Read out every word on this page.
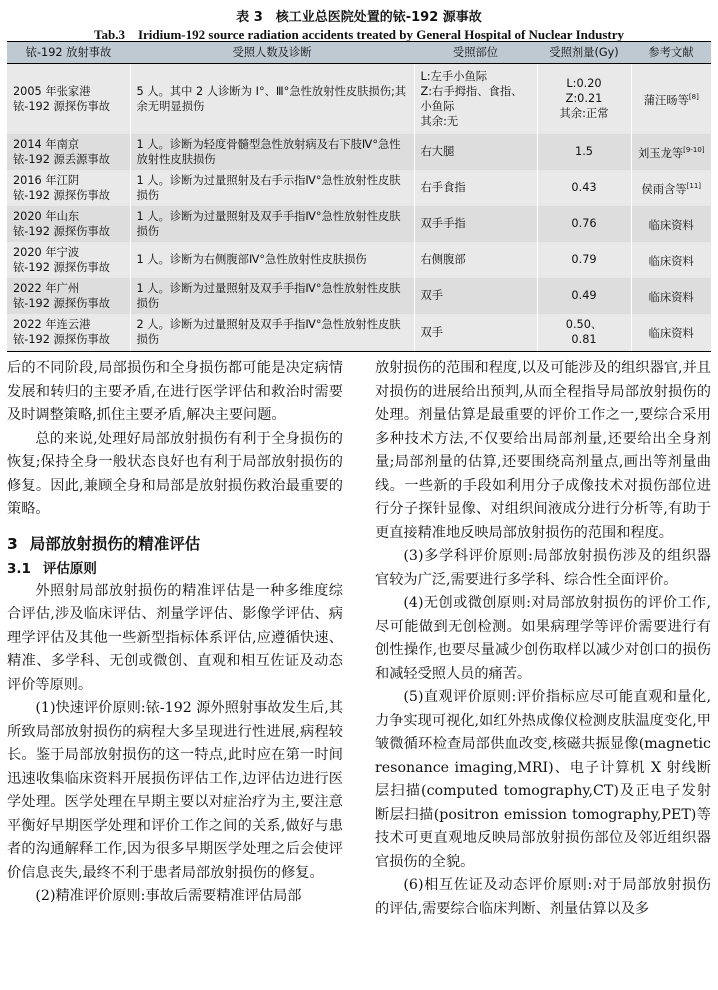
表 3　核工业总医院处置的铱-192 源事故
Tab.3　Iridium-192 source radiation accidents treated by General Hospital of Nuclear Industry
铱-192 放射事故	受照人数及诊断	受照部位	受照剂量(Gy)	参考文献
2005 年张家港
铱-192 源探伤事故	5 人。其中 2 人诊断为 Ⅰ°、Ⅲ°急性放射性皮肤损伤;其余无明显损伤	L:左手小鱼际
Z:右手拇指、食指、小鱼际
其余:无	L:0.20
Z:0.21
其余:正常	蒲汪旸等[8]
2014 年南京
铱-192 源丢源事故	1 人。诊断为轻度骨髓型急性放射病及右下肢Ⅳ°急性放射性皮肤损伤	右大腿	1.5	刘玉龙等[9-10]
2016 年江阴
铱-192 源探伤事故	1 人。诊断为过量照射及右手示指Ⅳ°急性放射性皮肤损伤	右手食指	0.43	侯雨含等[11]
2020 年山东
铱-192 源探伤事故	1 人。诊断为过量照射及双手手指Ⅳ°急性放射性皮肤损伤	双手手指	0.76	临床资料
2020 年宁波
铱-192 源探伤事故	1 人。诊断为右侧腹部Ⅳ°急性放射性皮肤损伤	右侧腹部	0.79	临床资料
2022 年广州
铱-192 源探伤事故	1 人。诊断为过量照射及双手手指Ⅳ°急性放射性皮肤损伤	双手	0.49	临床资料
2022 年连云港
铱-192 源探伤事故	2 人。诊断为过量照射及双手手指Ⅳ°急性放射性皮肤损伤	双手	0.50、
0.81	临床资料

后的不同阶段,局部损伤和全身损伤都可能是决定病情发展和转归的主要矛盾,在进行医学评估和救治时需要及时调整策略,抓住主要矛盾,解决主要问题。

总的来说,处理好局部放射损伤有利于全身损伤的恢复;保持全身一般状态良好也有利于局部放射损伤的修复。因此,兼顾全身和局部是放射损伤救治最重要的策略。

3 局部放射损伤的精准评估
3.1 评估原则

外照射局部放射损伤的精准评估是一种多维度综合评估,涉及临床评估、剂量学评估、影像学评估、病理学评估及其他一些新型指标体系评估,应遵循快速、精准、多学科、无创或微创、直观和相互佐证及动态评价等原则。

(1)快速评价原则:铱-192 源外照射事故发生后,其所致局部放射损伤的病程大多呈现进行性进展,病程较长。鉴于局部放射损伤的这一特点,此时应在第一时间迅速收集临床资料开展损伤评估工作,边评估边进行医学处理。医学处理在早期主要以对症治疗为主,要注意平衡好早期医学处理和评价工作之间的关系,做好与患者的沟通解释工作,因为很多早期医学处理之后会使评价信息丧失,最终不利于患者局部放射损伤的修复。

(2)精准评价原则:事故后需要精准评估局部

放射损伤的范围和程度,以及可能涉及的组织器官,并且对损伤的进展给出预判,从而全程指导局部放射损伤的处理。剂量估算是最重要的评价工作之一,要综合采用多种技术方法,不仅要给出局部剂量,还要给出全身剂量;局部剂量的估算,还要围绕高剂量点,画出等剂量曲线。一些新的手段如利用分子成像技术对损伤部位进行分子探针显像、对组织间液成分进行分析等,有助于更直接精准地反映局部放射损伤的范围和程度。

(3)多学科评价原则:局部放射损伤涉及的组织器官较为广泛,需要进行多学科、综合性全面评价。

(4)无创或微创原则:对局部放射损伤的评价工作,尽可能做到无创检测。如果病理学等评价需要进行有创性操作,也要尽量减少创伤取样以减少对创口的损伤和减轻受照人员的痛苦。

(5)直观评价原则:评价指标应尽可能直观和量化,力争实现可视化,如红外热成像仪检测皮肤温度变化,甲皱微循环检查局部供血改变,核磁共振显像(magnetic resonance imaging,MRI)、电子计算机 X 射线断层扫描(computed tomography,CT)及正电子发射断层扫描(positron emission tomography,PET)等技术可更直观地反映局部放射损伤部位及邻近组织器官损伤的全貌。

(6)相互佐证及动态评价原则:对于局部放射损伤的评估,需要综合临床判断、剂量估算以及多
